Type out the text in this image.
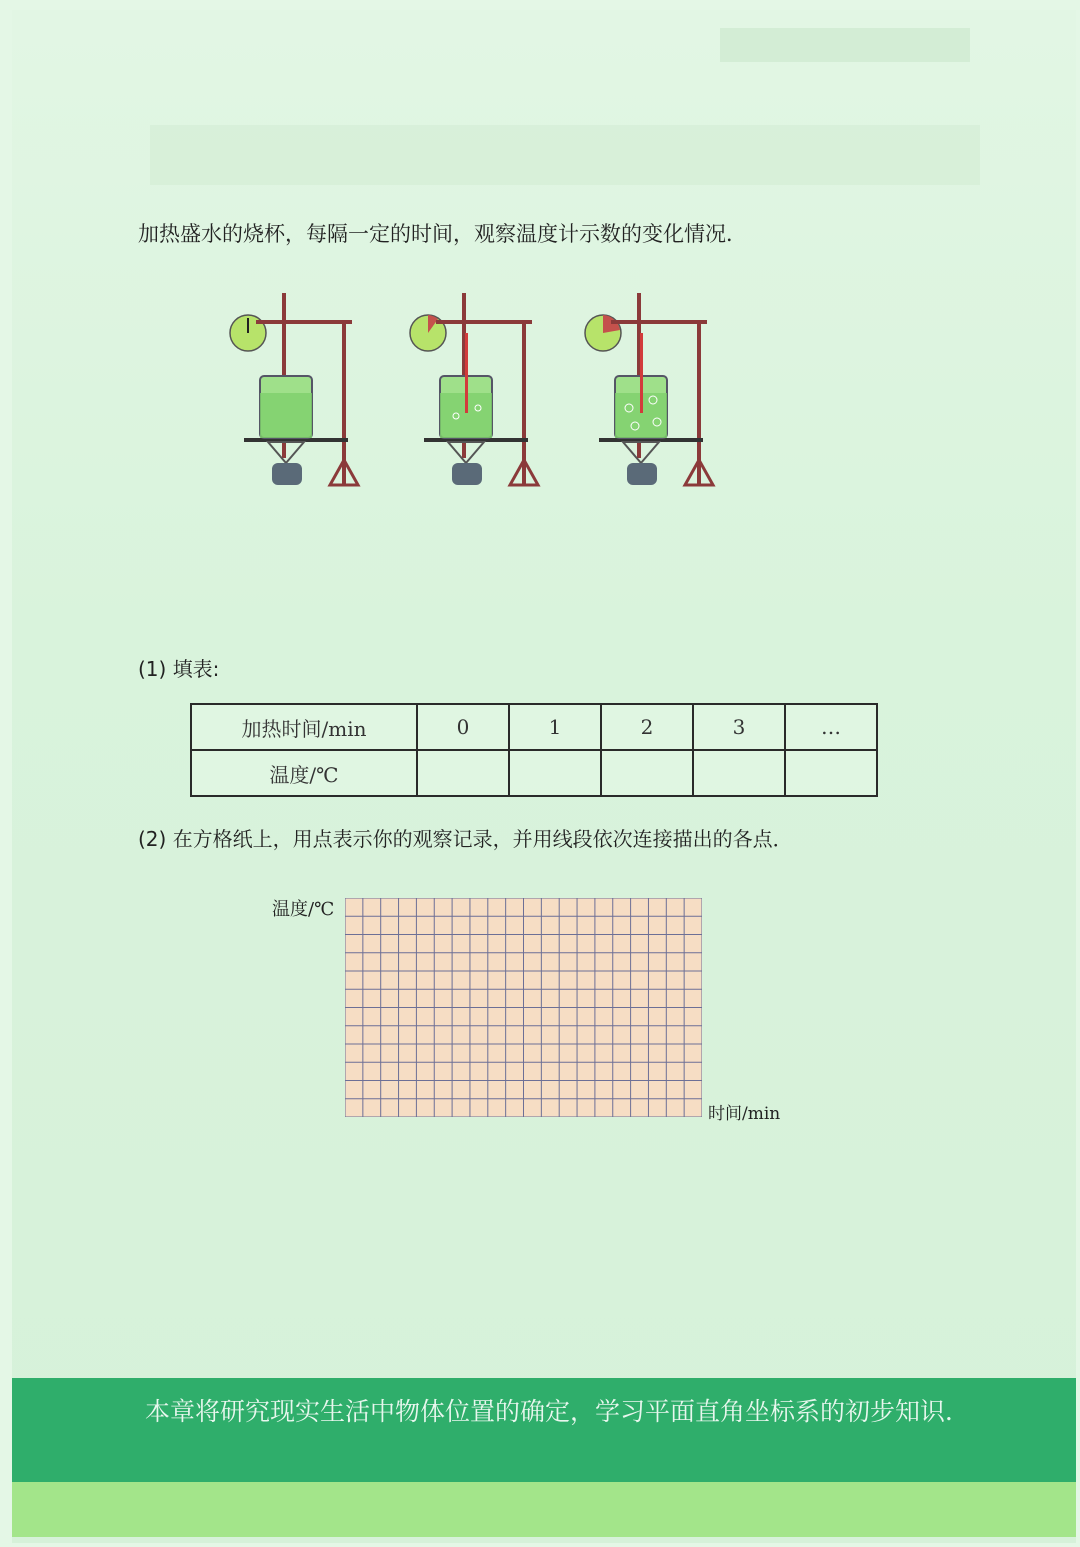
加热盛水的烧杯，每隔一定的时间，观察温度计示数的变化情况．
(1) 填表:
加热时间/min	0	1	2	3	…
温度/℃					
(2) 在方格纸上，用点表示你的观察记录，并用线段依次连接描出的各点．
温度/℃
时间/min
本章将研究现实生活中物体位置的确定，学习平面直角坐标系的初步知识．
